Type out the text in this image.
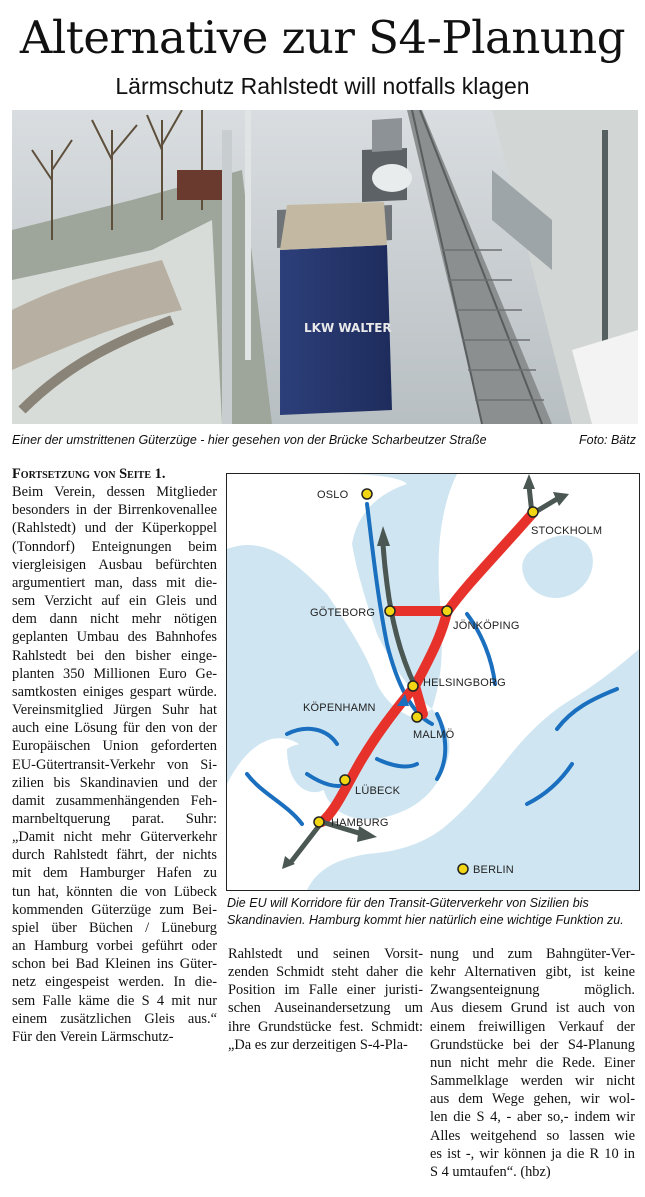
Alternative zur S4-Planung
Lärmschutz Rahlstedt will notfalls klagen
LKW WALTER
Einer der umstrittenen Güterzüge - hier gesehen von der Brücke Scharbeutzer Straße	Foto: Bätz

Fortsetzung von Seite 1.

Beim Verein, dessen Mitglieder
besonders in der Birrenkovenallee
(Rahlstedt) und der Küperkoppel
(Tonndorf) Enteignungen beim
viergleisigen Ausbau befürchten
argumentiert man, dass mit die-
sem Verzicht auf ein Gleis und
dem dann nicht mehr nötigen
geplanten Umbau des Bahnhofes
Rahlstedt bei den bisher einge-
planten 350 Millionen Euro Ge-
samtkosten einiges gespart würde.
Vereinsmitglied Jürgen Suhr hat
auch eine Lösung für den von der
Europäischen Union geforderten
EU-Gütertransit-Verkehr von Si-
zilien bis Skandinavien und der
damit zusammenhängenden Feh-
marnbeltquerung parat. Suhr:
„Damit nicht mehr Güterverkehr
durch Rahlstedt fährt, der nichts
mit dem Hamburger Hafen zu
tun hat, könnten die von Lübeck
kommenden Güterzüge zum Bei-
spiel über Büchen / Lüneburg
an Hamburg vorbei geführt oder
schon bei Bad Kleinen ins Güter-
netz eingespeist werden. In die-
sem Falle käme die S 4 mit nur
einem zusätzlichen Gleis aus.“
Für den Verein Lärmschutz-
OSLO
STOCKHOLM
GÖTEBORG
JÖNKÖPING
HELSINGBORG
KÖPENHAMN
MALMÖ
LÜBECK
HAMBURG
BERLIN
Die EU will Korridore für den Transit-Güterverkehr von Sizilien bis Skandinavien. Hamburg kommt hier natürlich eine wichtige Funktion zu.
Rahlstedt und seinen Vorsit-
zenden Schmidt steht daher die
Position im Falle einer juristi-
schen Auseinandersetzung um
ihre Grundstücke fest. Schmidt:
„Da es zur derzeitigen S-4-Pla-
nung und zum Bahngüter-Ver-
kehr Alternativen gibt, ist keine
Zwangsenteignung möglich.
Aus diesem Grund ist auch von
einem freiwilligen Verkauf der
Grundstücke bei der S4-Planung
nun nicht mehr die Rede. Einer
Sammelklage werden wir nicht
aus dem Wege gehen, wir wol-
len die S 4, - aber so,- indem wir
Alles weitgehend so lassen wie
es ist -, wir können ja die R 10 in
S 4 umtaufen“. (hbz)
